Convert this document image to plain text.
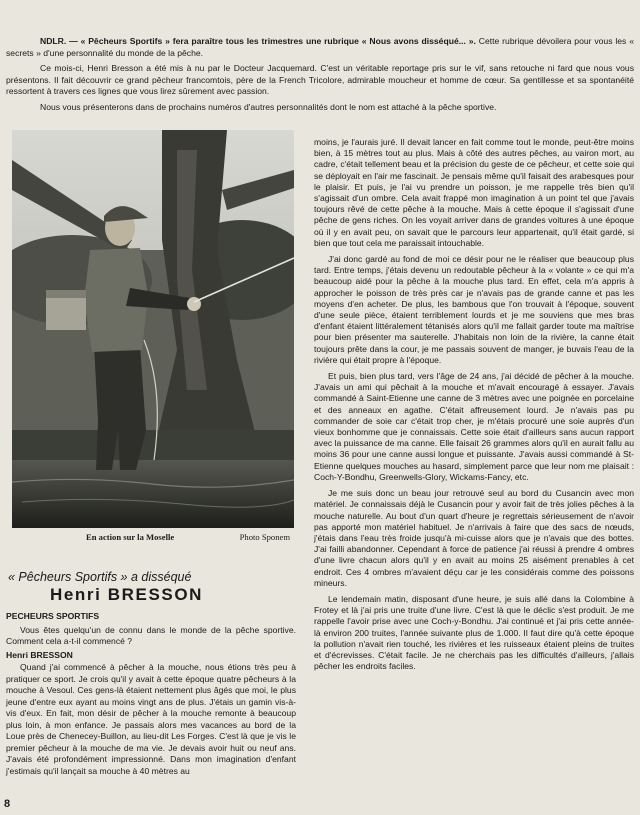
NDLR. — « Pêcheurs Sportifs » fera paraître tous les trimestres une rubrique « Nous avons disséqué... ». Cette rubrique dévoilera pour vous les « secrets » d'une personnalité du monde de la pêche.

Ce mois-ci, Henri Bresson a été mis à nu par le Docteur Jacquemard. C'est un véritable reportage pris sur le vif, sans retouche ni fard que nous vous présentons. Il fait découvrir ce grand pêcheur francomtois, père de la French Tricolore, admirable moucheur et homme de cœur. Sa gentillesse et sa spontanéité ressortent à travers ces lignes que vous lirez sûrement avec passion.

Nous vous présenterons dans de prochains numéros d'autres personnalités dont le nom est attaché à la pêche sportive.

En action sur la Moselle	Photo Sponem
« Pêcheurs Sportifs » a disséqué
Henri BRESSON

PECHEURS SPORTIFS

Vous êtes quelqu'un de connu dans le monde de la pêche sportive. Comment cela a-t-il commencé ?

Henri BRESSON

Quand j'ai commencé à pêcher à la mouche, nous étions très peu à pratiquer ce sport. Je crois qu'il y avait à cette époque quatre pêcheurs à la mouche à Vesoul. Ces gens-là étaient nettement plus âgés que moi, le plus jeune d'entre eux ayant au moins vingt ans de plus. J'étais un gamin vis-à-vis d'eux. En fait, mon désir de pêcher à la mouche remonte à beaucoup plus loin, à mon enfance. Je passais alors mes vacances au bord de la Loue près de Chenecey-Buillon, au lieu-dit Les Forges. C'est là que je vis le premier pêcheur à la mouche de ma vie. Je devais avoir huit ou neuf ans. J'avais été profondément impressionné. Dans mon imagination d'enfant j'estimais qu'il lançait sa mouche à 40 mètres au

moins, je l'aurais juré. Il devait lancer en fait comme tout le monde, peut-être moins bien, à 15 mètres tout au plus. Mais à côté des autres pêches, au vairon mort, au cadre, c'était tellement beau et la précision du geste de ce pêcheur, et cette soie qui se déployait en l'air me fascinait. Je pensais même qu'il faisait des arabesques pour le plaisir. Et puis, je l'ai vu prendre un poisson, je me rappelle très bien qu'il s'agissait d'un ombre. Cela avait frappé mon imagination à un point tel que j'avais toujours rêvé de cette pêche à la mouche. Mais à cette époque il s'agissait d'une pêche de gens riches. On les voyait arriver dans de grandes voitures à une époque où il y en avait peu, on savait que le parcours leur appartenait, qu'il était gardé, si bien que tout cela me paraissait intouchable.

J'ai donc gardé au fond de moi ce désir pour ne le réaliser que beaucoup plus tard. Entre temps, j'étais devenu un redoutable pêcheur à la « volante » ce qui m'a beaucoup aidé pour la pêche à la mouche plus tard. En effet, cela m'a appris à approcher le poisson de très près car je n'avais pas de grande canne et pas les moyens d'en acheter. De plus, les bambous que l'on trouvait à l'époque, souvent d'une seule pièce, étaient terriblement lourds et je me souviens que mes bras d'enfant étaient littéralement tétanisés alors qu'il me fallait garder toute ma maîtrise pour bien présenter ma sauterelle. J'habitais non loin de la rivière, la canne était toujours prête dans la cour, je me passais souvent de manger, je buvais l'eau de la rivière qui était propre à l'époque.

Et puis, bien plus tard, vers l'âge de 24 ans, j'ai décidé de pêcher à la mouche. J'avais un ami qui pêchait à la mouche et m'avait encouragé à essayer. J'avais commandé à Saint-Etienne une canne de 3 mètres avec une poignée en porcelaine et des anneaux en agathe. C'était affreusement lourd. Je n'avais pas pu commander de soie car c'était trop cher, je m'étais procuré une soie auprès d'un vieux bonhomme que je connaissais. Cette soie était d'ailleurs sans aucun rapport avec la puissance de ma canne. Elle faisait 26 grammes alors qu'il en aurait fallu au moins 36 pour une canne aussi longue et puissante. J'avais aussi commandé à St-Etienne quelques mouches au hasard, simplement parce que leur nom me plaisait : Coch-Y-Bondhu, Greenwells-Glory, Wickams-Fancy, etc.

Je me suis donc un beau jour retrouvé seul au bord du Cusancin avec mon matériel. Je connaissais déjà le Cusancin pour y avoir fait de très jolies pêches à la mouche naturelle. Au bout d'un quart d'heure je regrettais sérieusement de n'avoir pas apporté mon matériel habituel. Je n'arrivais à faire que des sacs de nœuds, j'étais dans l'eau très froide jusqu'à mi-cuisse alors que je n'avais que des bottes. J'ai failli abandonner. Cependant à force de patience j'ai réussi à prendre 4 ombres d'une livre chacun alors qu'il y en avait au moins 25 aisément prenables à cet endroit. Ces 4 ombres m'avaient déçu car je les considérais comme des poissons mineurs.

Le lendemain matin, disposant d'une heure, je suis allé dans la Colombine à Frotey et là j'ai pris une truite d'une livre. C'est là que le déclic s'est produit. Je me rappelle l'avoir prise avec une Coch-y-Bondhu. J'ai continué et j'ai pris cette année-là environ 200 truites, l'année suivante plus de 1.000. Il faut dire qu'à cette époque la pollution n'avait rien touché, les rivières et les ruisseaux étaient pleins de truites et d'écrevisses. C'était facile. Je ne cherchais pas les difficultés d'ailleurs, j'allais pêcher les endroits faciles.

8
